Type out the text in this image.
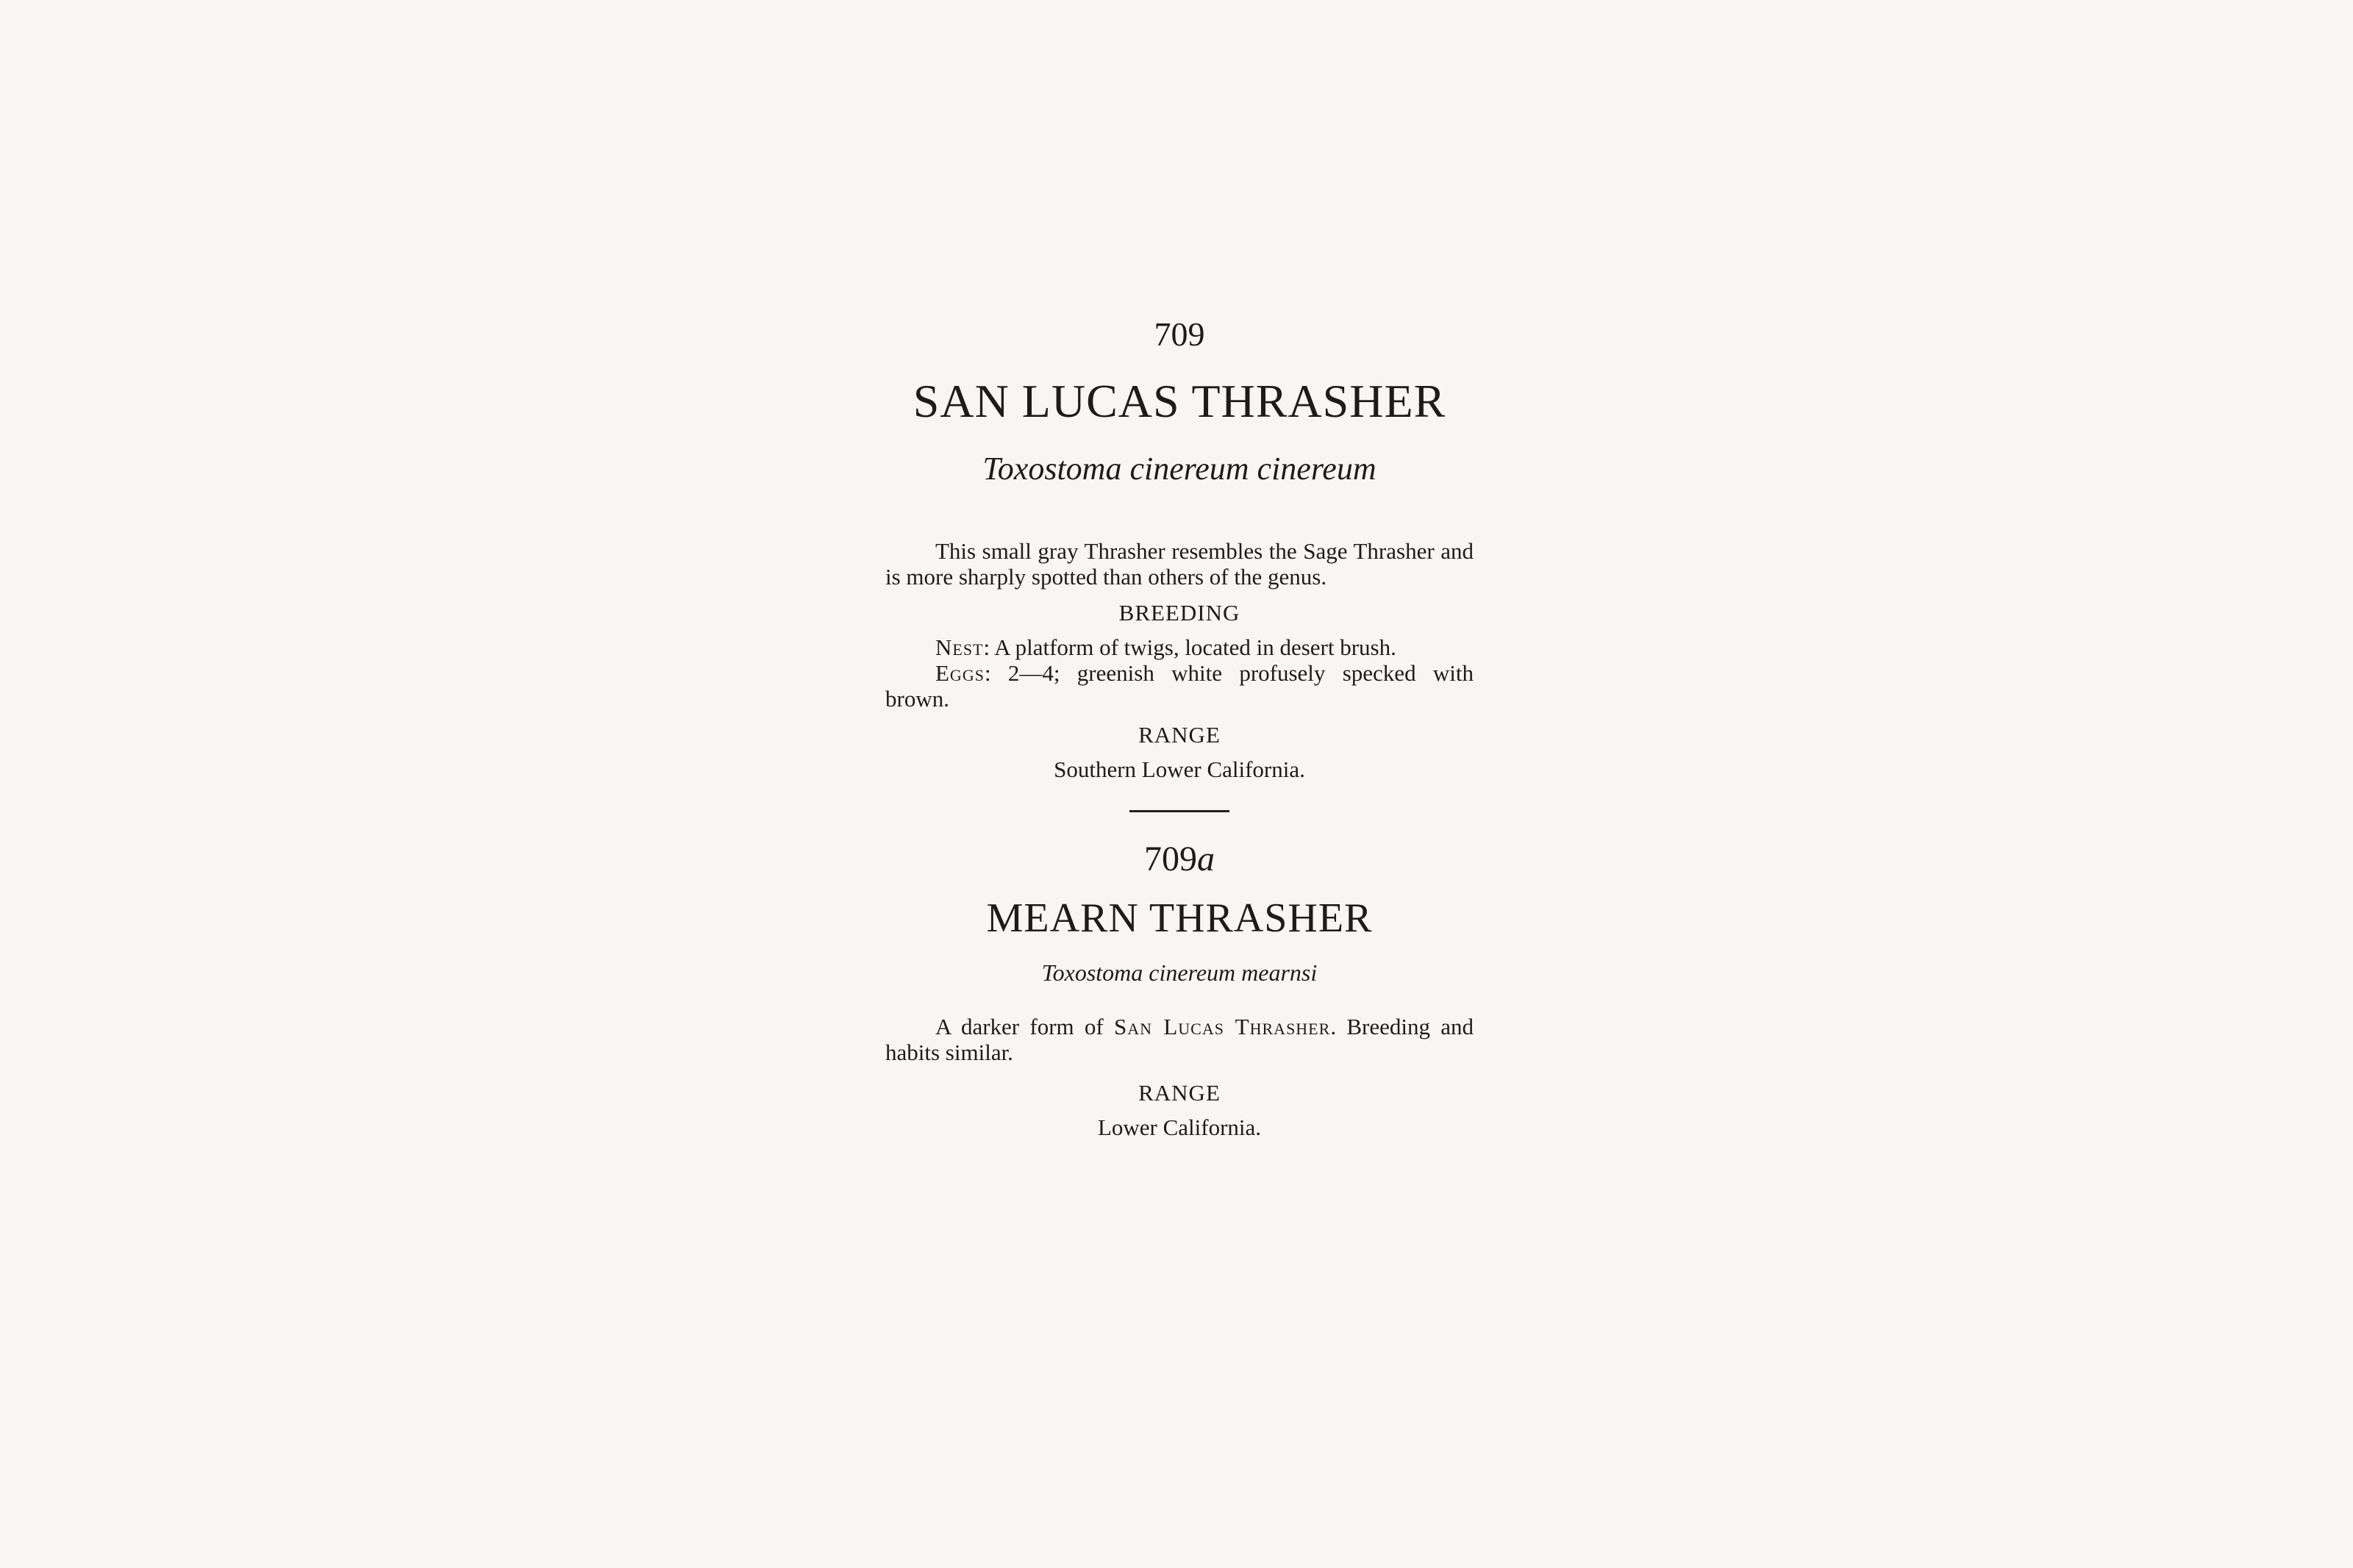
709
SAN LUCAS THRASHER
Toxostoma cinereum cinereum

This small gray Thrasher resembles the Sage Thrasher and is more sharply spotted than others of the genus.

BREEDING

Nest: A platform of twigs, located in desert brush.

Eggs: 2—4; greenish white profusely specked with brown.

RANGE
Southern Lower California.
709a
MEARN THRASHER
Toxostoma cinereum mearnsi

A darker form of San Lucas Thrasher. Breeding and habits similar.

RANGE
Lower California.
